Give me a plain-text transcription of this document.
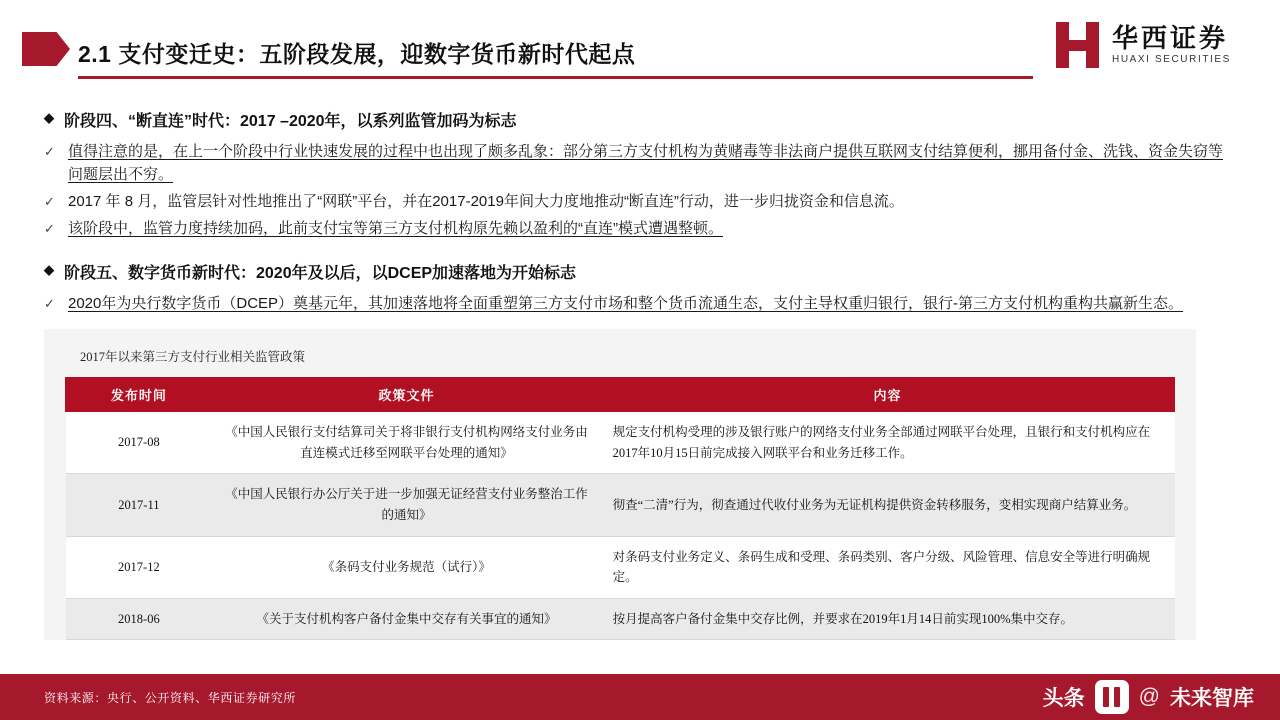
2.1 支付变迁史：五阶段发展，迎数字货币新时代起点
华西证券
HUAXI SECURITIES
◆ 阶段四、“断直连”时代：2017 –2020年，以系列监管加码为标志
✓ 值得注意的是，在上一个阶段中行业快速发展的过程中也出现了颇多乱象：部分第三方支付机构为黄赌毒等非法商户提供互联网支付结算便利，挪用备付金、洗钱、资金失窃等问题层出不穷。
✓ 2017 年 8 月，监管层针对性地推出了“网联”平台，并在2017-2019年间大力度地推动“断直连”行动，进一步归拢资金和信息流。
✓ 该阶段中，监管力度持续加码，此前支付宝等第三方支付机构原先赖以盈利的“直连”模式遭遇整顿。
◆ 阶段五、数字货币新时代：2020年及以后，以DCEP加速落地为开始标志
✓ 2020年为央行数字货币（DCEP）奠基元年，其加速落地将全面重塑第三方支付市场和整个货币流通生态，支付主导权重归银行，银行-第三方支付机构重构共赢新生态。
2017年以来第三方支付行业相关监管政策
发布时间	政策文件	内容
2017-08	《中国人民银行支付结算司关于将非银行支付机构网络支付业务由直连模式迁移至网联平台处理的通知》	规定支付机构受理的涉及银行账户的网络支付业务全部通过网联平台处理，且银行和支付机构应在2017年10月15日前完成接入网联平台和业务迁移工作。
2017-11	《中国人民银行办公厅关于进一步加强无证经营支付业务整治工作的通知》	彻查“二清”行为，彻查通过代收付业务为无证机构提供资金转移服务，变相实现商户结算业务。
2017-12	《条码支付业务规范（试行）》	对条码支付业务定义、条码生成和受理、条码类别、客户分级、风险管理、信息安全等进行明确规定。
2018-06	《关于支付机构客户备付金集中交存有关事宜的通知》	按月提高客户备付金集中交存比例，并要求在2019年1月14日前实现100%集中交存。
资料来源：央行、公开资料、华西证券研究所	头条	@ 未来智库
